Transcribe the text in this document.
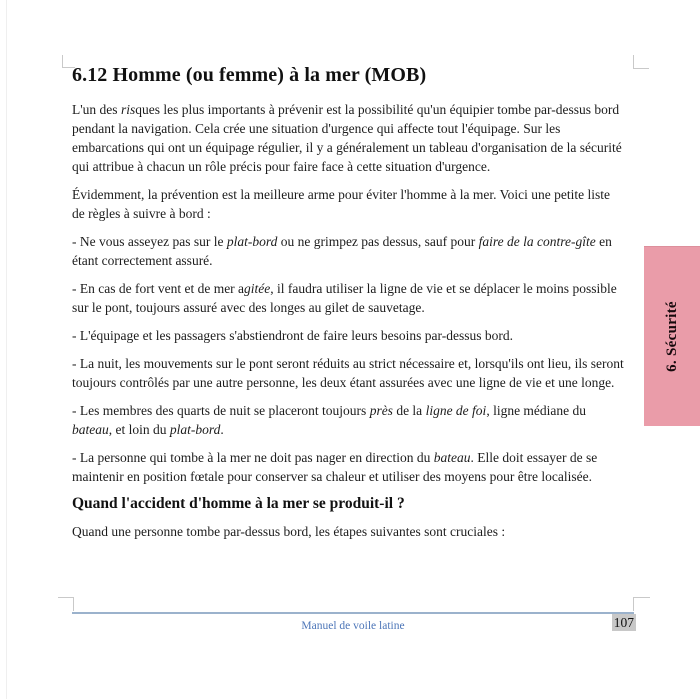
6.12 Homme (ou femme) à la mer (MOB)

L'un des risques les plus importants à prévenir est la possibilité qu'un équipier tombe par-dessus bord pendant la navigation. Cela crée une situation d'urgence qui affecte tout l'équipage. Sur les embarcations qui ont un équipage régulier, il y a généralement un tableau d'organisation de la sécurité qui attribue à chacun un rôle précis pour faire face à cette situation d'urgence.

Évidemment, la prévention est la meilleure arme pour éviter l'homme à la mer. Voici une petite liste de règles à suivre à bord :

- Ne vous asseyez pas sur le plat-bord ou ne grimpez pas dessus, sauf pour faire de la contre-gîte en étant correctement assuré.

- En cas de fort vent et de mer agitée, il faudra utiliser la ligne de vie et se déplacer le moins possible sur le pont, toujours assuré avec des longes au gilet de sauvetage.

- L'équipage et les passagers s'abstiendront de faire leurs besoins par-dessus bord.

- La nuit, les mouvements sur le pont seront réduits au strict nécessaire et, lorsqu'ils ont lieu, ils seront toujours contrôlés par une autre personne, les deux étant assurées avec une ligne de vie et une longe.

- Les membres des quarts de nuit se placeront toujours près de la ligne de foi, ligne médiane du bateau, et loin du plat-bord.

- La personne qui tombe à la mer ne doit pas nager en direction du bateau. Elle doit essayer de se maintenir en position fœtale pour conserver sa chaleur et utiliser des moyens pour être localisée.

Quand l'accident d'homme à la mer se produit-il ?

Quand une personne tombe par-dessus bord, les étapes suivantes sont cruciales :

6. Sécurité
Manuel de voile latine	107
